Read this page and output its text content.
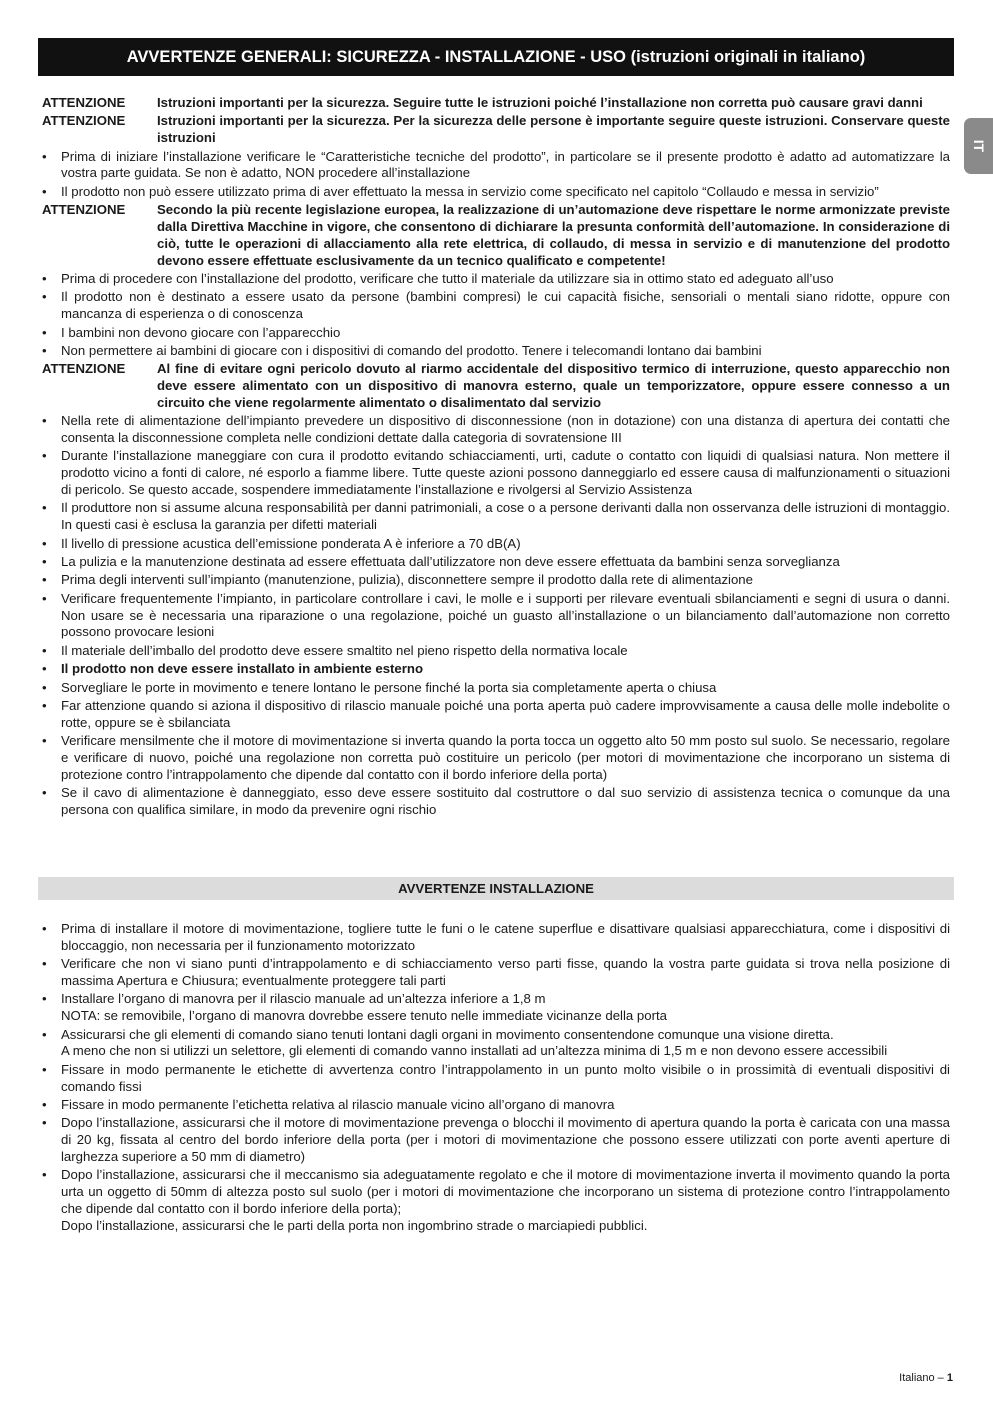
AVVERTENZE GENERALI: SICUREZZA - INSTALLAZIONE - USO (istruzioni originali in italiano)
IT
ATTENZIONE	Istruzioni importanti per la sicurezza. Seguire tutte le istruzioni poiché l’installazione non corretta può causare gravi danni
ATTENZIONE	Istruzioni importanti per la sicurezza. Per la sicurezza delle persone è importante seguire queste istruzioni. Conservare queste istruzioni
•	Prima di iniziare l’installazione verificare le “Caratteristiche tecniche del prodotto”, in particolare se il presente prodotto è adatto ad automatizzare la vostra parte guidata. Se non è adatto, NON procedere all’installazione
•	Il prodotto non può essere utilizzato prima di aver effettuato la messa in servizio come specificato nel capitolo “Collaudo e messa in servizio”
ATTENZIONE	Secondo la più recente legislazione europea, la realizzazione di un’automazione deve rispettare le norme armonizzate previste dalla Direttiva Macchine in vigore, che consentono di dichiarare la presunta conformità dell’automazione. In considerazione di ciò, tutte le operazioni di allacciamento alla rete elettrica, di collaudo, di messa in servizio e di manutenzione del prodotto devono essere effettuate esclusivamente da un tecnico qualificato e competente!
•	Prima di procedere con l’installazione del prodotto, verificare che tutto il materiale da utilizzare sia in ottimo stato ed adeguato all’uso
•	Il prodotto non è destinato a essere usato da persone (bambini compresi) le cui capacità fisiche, sensoriali o mentali siano ridotte, oppure con mancanza di esperienza o di conoscenza
•	I bambini non devono giocare con l’apparecchio
•	Non permettere ai bambini di giocare con i dispositivi di comando del prodotto. Tenere i telecomandi lontano dai bambini
ATTENZIONE	Al fine di evitare ogni pericolo dovuto al riarmo accidentale del dispositivo termico di interruzione, questo apparecchio non deve essere alimentato con un dispositivo di manovra esterno, quale un temporizzatore, oppure essere connesso a un circuito che viene regolarmente alimentato o disalimentato dal servizio
•	Nella rete di alimentazione dell’impianto prevedere un dispositivo di disconnessione (non in dotazione) con una distanza di apertura dei contatti che consenta la disconnessione completa nelle condizioni dettate dalla categoria di sovratensione III
•	Durante l’installazione maneggiare con cura il prodotto evitando schiacciamenti, urti, cadute o contatto con liquidi di qualsiasi natura. Non mettere il prodotto vicino a fonti di calore, né esporlo a fiamme libere. Tutte queste azioni possono danneggiarlo ed essere causa di malfunzionamenti o situazioni di pericolo. Se questo accade, sospendere immediatamente l’installazione e rivolgersi al Servizio Assistenza
•	Il produttore non si assume alcuna responsabilità per danni patrimoniali, a cose o a persone derivanti dalla non osservanza delle istruzioni di montaggio. In questi casi è esclusa la garanzia per difetti materiali
•	Il livello di pressione acustica dell’emissione ponderata A è inferiore a 70 dB(A)
•	La pulizia e la manutenzione destinata ad essere effettuata dall’utilizzatore non deve essere effettuata da bambini senza sorveglianza
•	Prima degli interventi sull’impianto (manutenzione, pulizia), disconnettere sempre il prodotto dalla rete di alimentazione
•	Verificare frequentemente l’impianto, in particolare controllare i cavi, le molle e i supporti per rilevare eventuali sbilanciamenti e segni di usura o danni. Non usare se è necessaria una riparazione o una regolazione, poiché un guasto all’installazione o un bilanciamento dall’automazione non corretto possono provocare lesioni
•	Il materiale dell’imballo del prodotto deve essere smaltito nel pieno rispetto della normativa locale
•	Il prodotto non deve essere installato in ambiente esterno
•	Sorvegliare le porte in movimento e tenere lontano le persone finché la porta sia completamente aperta o chiusa
•	Far attenzione quando si aziona il dispositivo di rilascio manuale poiché una porta aperta può cadere improvvisamente a causa delle molle indebolite o rotte, oppure se è sbilanciata
•	Verificare mensilmente che il motore di movimentazione si inverta quando la porta tocca un oggetto alto 50 mm posto sul suolo. Se necessario, regolare e verificare di nuovo, poiché una regolazione non corretta può costituire un pericolo (per motori di movimentazione che incorporano un sistema di protezione contro l’intrappolamento che dipende dal contatto con il bordo inferiore della porta)
•	Se il cavo di alimentazione è danneggiato, esso deve essere sostituito dal costruttore o dal suo servizio di assistenza tecnica o comunque da una persona con qualifica similare, in modo da prevenire ogni rischio
AVVERTENZE INSTALLAZIONE
•	Prima di installare il motore di movimentazione, togliere tutte le funi o le catene superflue e disattivare qualsiasi apparecchiatura, come i dispositivi di bloccaggio, non necessaria per il funzionamento motorizzato
•	Verificare che non vi siano punti d’intrappolamento e di schiacciamento verso parti fisse, quando la vostra parte guidata si trova nella posizione di massima Apertura e Chiusura; eventualmente proteggere tali parti
•	Installare l’organo di manovra per il rilascio manuale ad un’altezza inferiore a 1,8 m
NOTA: se removibile, l’organo di manovra dovrebbe essere tenuto nelle immediate vicinanze della porta
•	Assicurarsi che gli elementi di comando siano tenuti lontani dagli organi in movimento consentendone comunque una visione diretta.
A meno che non si utilizzi un selettore, gli elementi di comando vanno installati ad un’altezza minima di 1,5 m e non devono essere accessibili
•	Fissare in modo permanente le etichette di avvertenza contro l’intrappolamento in un punto molto visibile o in prossimità di eventuali dispositivi di comando fissi
•	Fissare in modo permanente l’etichetta relativa al rilascio manuale vicino all’organo di manovra
•	Dopo l’installazione, assicurarsi che il motore di movimentazione prevenga o blocchi il movimento di apertura quando la porta è caricata con una massa di 20 kg, fissata al centro del bordo inferiore della porta (per i motori di movimentazione che possono essere utilizzati con porte aventi aperture di larghezza superiore a 50 mm di diametro)
•	Dopo l’installazione, assicurarsi che il meccanismo sia adeguatamente regolato e che il motore di movimentazione inverta il movimento quando la porta urta un oggetto di 50mm di altezza posto sul suolo (per i motori di movimentazione che incorporano un sistema di protezione contro l’intrappolamento che dipende dal contatto con il bordo inferiore della porta);
Dopo l’installazione, assicurarsi che le parti della porta non ingombrino strade o marciapiedi pubblici.
Italiano – 1
